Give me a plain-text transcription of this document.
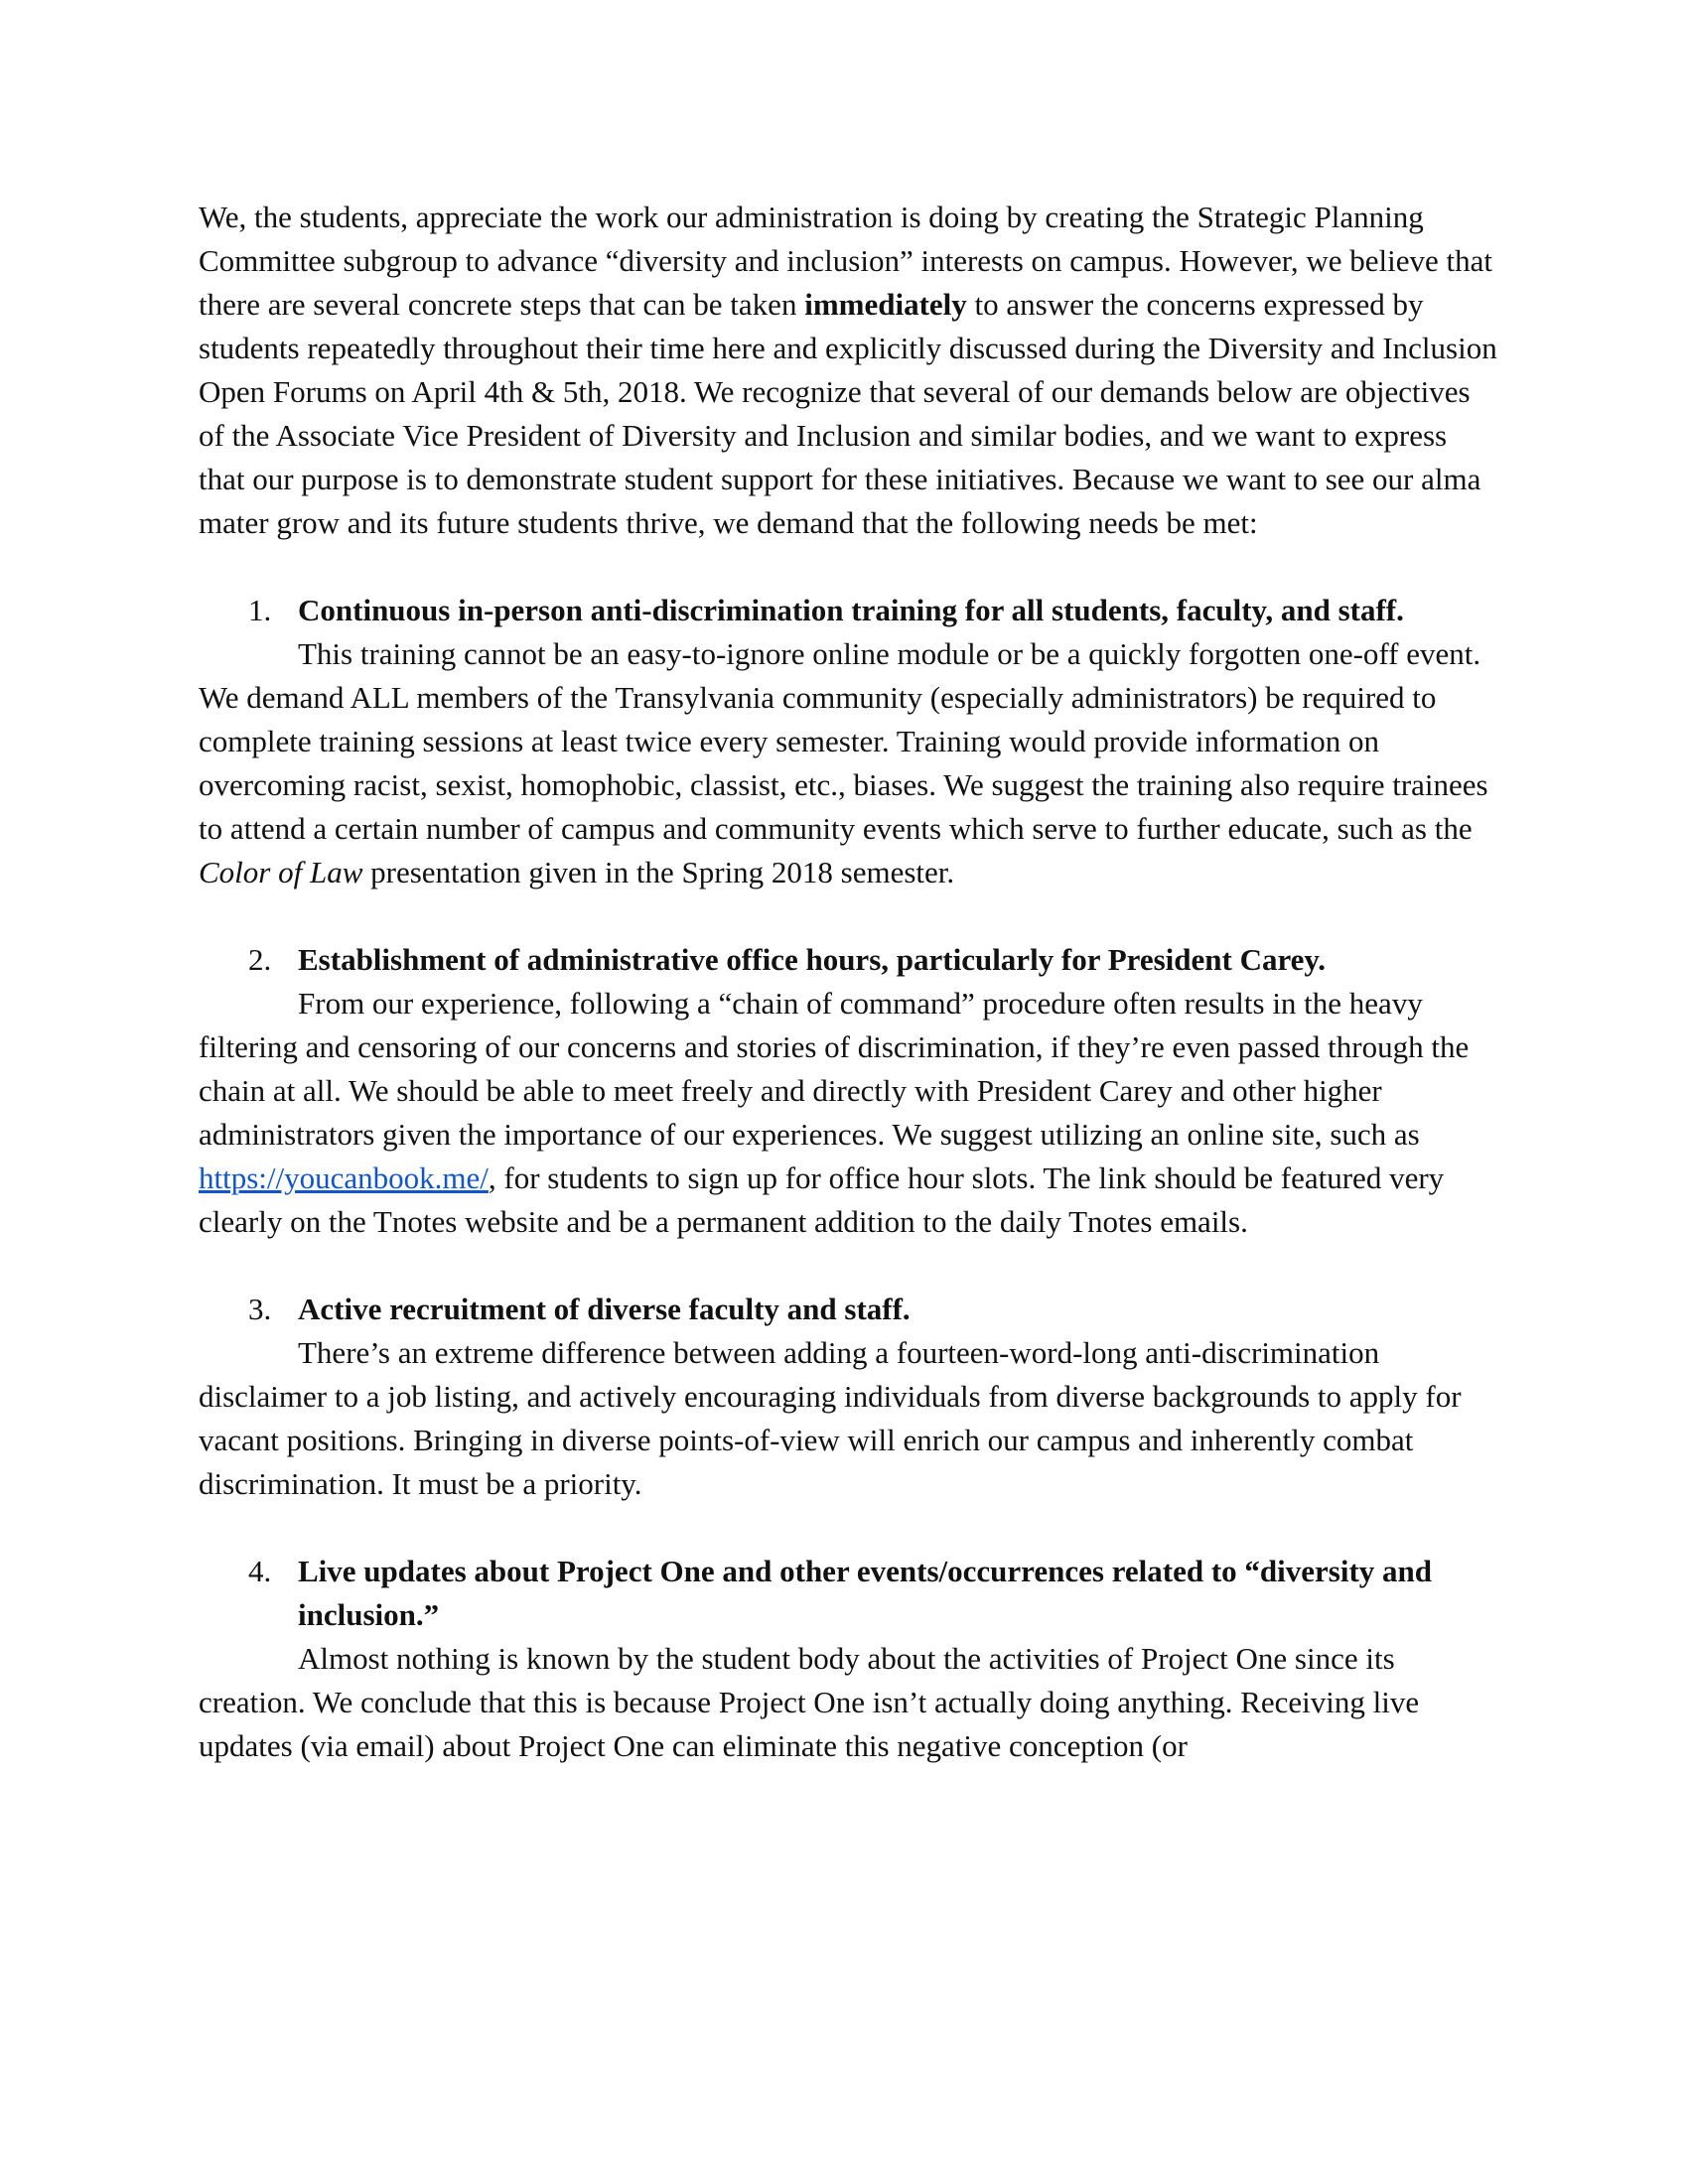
We, the students, appreciate the work our administration is doing by creating the Strategic Planning Committee subgroup to advance “diversity and inclusion” interests on campus. However, we believe that there are several concrete steps that can be taken immediately to answer the concerns expressed by students repeatedly throughout their time here and explicitly discussed during the Diversity and Inclusion Open Forums on April 4th & 5th, 2018. We recognize that several of our demands below are objectives of the Associate Vice President of Diversity and Inclusion and similar bodies, and we want to express that our purpose is to demonstrate student support for these initiatives. Because we want to see our alma mater grow and its future students thrive, we demand that the following needs be met:

1. Continuous in-person anti-discrimination training for all students, faculty, and staff.

This training cannot be an easy-to-ignore online module or be a quickly forgotten one-off event. We demand ALL members of the Transylvania community (especially administrators) be required to complete training sessions at least twice every semester. Training would provide information on overcoming racist, sexist, homophobic, classist, etc., biases. We suggest the training also require trainees to attend a certain number of campus and community events which serve to further educate, such as the Color of Law presentation given in the Spring 2018 semester.

2. Establishment of administrative office hours, particularly for President Carey.

From our experience, following a “chain of command” procedure often results in the heavy filtering and censoring of our concerns and stories of discrimination, if they’re even passed through the chain at all. We should be able to meet freely and directly with President Carey and other higher administrators given the importance of our experiences. We suggest utilizing an online site, such as https://youcanbook.me/, for students to sign up for office hour slots. The link should be featured very clearly on the Tnotes website and be a permanent addition to the daily Tnotes emails.

3. Active recruitment of diverse faculty and staff.

There’s an extreme difference between adding a fourteen-word-long anti-discrimination disclaimer to a job listing, and actively encouraging individuals from diverse backgrounds to apply for vacant positions. Bringing in diverse points-of-view will enrich our campus and inherently combat discrimination. It must be a priority.

4. Live updates about Project One and other events/occurrences related to “diversity and inclusion.”

Almost nothing is known by the student body about the activities of Project One since its creation. We conclude that this is because Project One isn’t actually doing anything. Receiving live updates (via email) about Project One can eliminate this negative conception (or
